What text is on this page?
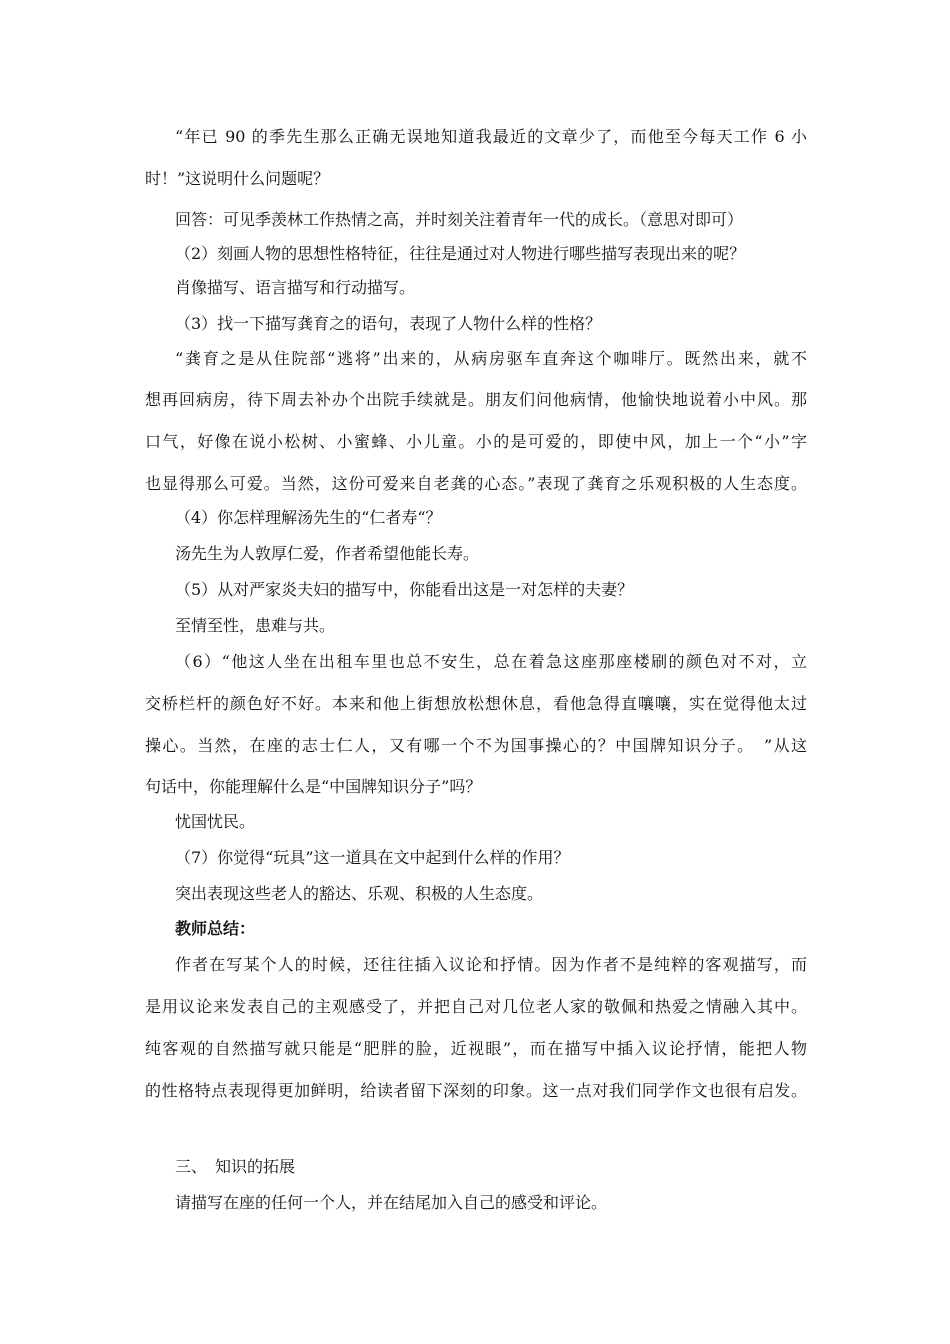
“年已 90 的季先生那么正确无误地知道我最近的文章少了，而他至今每天工作 6 小
时！”这说明什么问题呢？
回答：可见季羡林工作热情之高，并时刻关注着青年一代的成长。（意思对即可）
（2）刻画人物的思想性格特征，往往是通过对人物进行哪些描写表现出来的呢？
肖像描写、语言描写和行动描写。
（3）找一下描写龚育之的语句，表现了人物什么样的性格？
“龚育之是从住院部“逃将”出来的，从病房驱车直奔这个咖啡厅。既然出来，就不
想再回病房，待下周去补办个出院手续就是。朋友们问他病情，他愉快地说着小中风。那
口气，好像在说小松树、小蜜蜂、小儿童。小的是可爱的，即使中风，加上一个“小”字
也显得那么可爱。当然，这份可爱来自老龚的心态。”表现了龚育之乐观积极的人生态度。
（4）你怎样理解汤先生的“仁者寿“？
汤先生为人敦厚仁爱，作者希望他能长寿。
（5）从对严家炎夫妇的描写中，你能看出这是一对怎样的夫妻？
至情至性，患难与共。
（6）“他这人坐在出租车里也总不安生，总在着急这座那座楼刷的颜色对不对，立
交桥栏杆的颜色好不好。本来和他上街想放松想休息，看他急得直嚷嚷，实在觉得他太过
操心。当然，在座的志士仁人，又有哪一个不为国事操心的？中国牌知识分子。　”从这
句话中，你能理解什么是“中国牌知识分子”吗？
忧国忧民。
（7）你觉得“玩具”这一道具在文中起到什么样的作用？
突出表现这些老人的豁达、乐观、积极的人生态度。
教师总结：
作者在写某个人的时候，还往往插入议论和抒情。因为作者不是纯粹的客观描写，而
是用议论来发表自己的主观感受了，并把自己对几位老人家的敬佩和热爱之情融入其中。
纯客观的自然描写就只能是“肥胖的脸，近视眼”，而在描写中插入议论抒情，能把人物
的性格特点表现得更加鲜明，给读者留下深刻的印象。这一点对我们同学作文也很有启发。
三、　知识的拓展
请描写在座的任何一个人，并在结尾加入自己的感受和评论。
